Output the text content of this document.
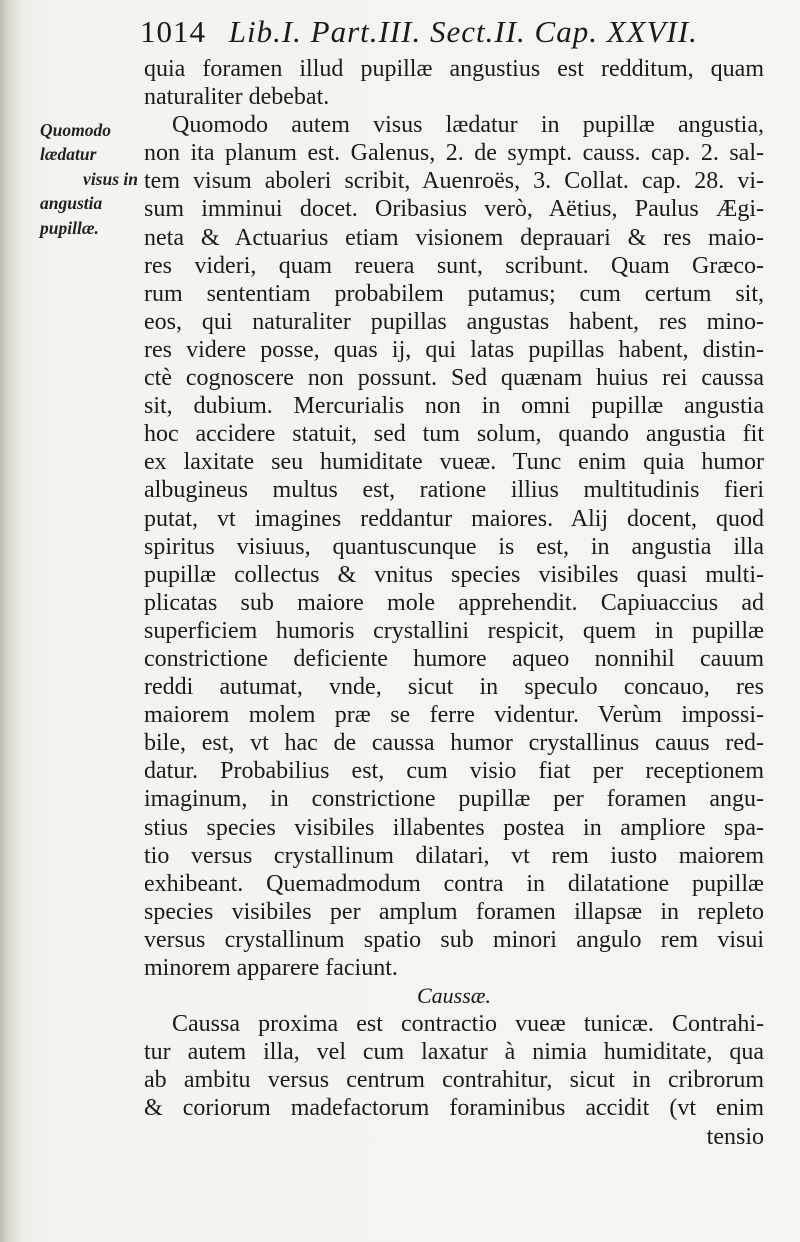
1014 Lib.I. Part.III. Sect.II. Cap. XXVII.
Quomodo
lædatur
visus in
angustia
pupillæ.
quia foramen illud pupillæ angustius est redditum, quam
naturaliter debebat.
Quomodo autem visus lædatur in pupillæ angustia,
non ita planum est. Galenus, 2. de sympt. causs. cap. 2. sal-
tem visum aboleri scribit, Auenroës, 3. Collat. cap. 28. vi-
sum imminui docet. Oribasius verò, Aëtius, Paulus Ægi-
neta & Actuarius etiam visionem deprauari & res maio-
res videri, quam reuera sunt, scribunt. Quam Græco-
rum sententiam probabilem putamus; cum certum sit,
eos, qui naturaliter pupillas angustas habent, res mino-
res videre posse, quas ij, qui latas pupillas habent, distin-
ctè cognoscere non possunt. Sed quænam huius rei caussa
sit, dubium. Mercurialis non in omni pupillæ angustia
hoc accidere statuit, sed tum solum, quando angustia fit
ex laxitate seu humiditate vueæ. Tunc enim quia humor
albugineus multus est, ratione illius multitudinis fieri
putat, vt imagines reddantur maiores. Alij docent, quod
spiritus visiuus, quantuscunque is est, in angustia illa
pupillæ collectus & vnitus species visibiles quasi multi-
plicatas sub maiore mole apprehendit. Capiuaccius ad
superficiem humoris crystallini respicit, quem in pupillæ
constrictione deficiente humore aqueo nonnihil cauum
reddi autumat, vnde, sicut in speculo concauo, res
maiorem molem præ se ferre videntur. Verùm impossi-
bile, est, vt hac de caussa humor crystallinus cauus red-
datur. Probabilius est, cum visio fiat per receptionem
imaginum, in constrictione pupillæ per foramen angu-
stius species visibiles illabentes postea in ampliore spa-
tio versus crystallinum dilatari, vt rem iusto maiorem
exhibeant. Quemadmodum contra in dilatatione pupillæ
species visibiles per amplum foramen illapsæ in repleto
versus crystallinum spatio sub minori angulo rem visui
minorem apparere faciunt.
Caussæ.
Caussa proxima est contractio vueæ tunicæ. Contrahi-
tur autem illa, vel cum laxatur à nimia humiditate, qua
ab ambitu versus centrum contrahitur, sicut in cribrorum
& coriorum madefactorum foraminibus accidit (vt enim
tensio
